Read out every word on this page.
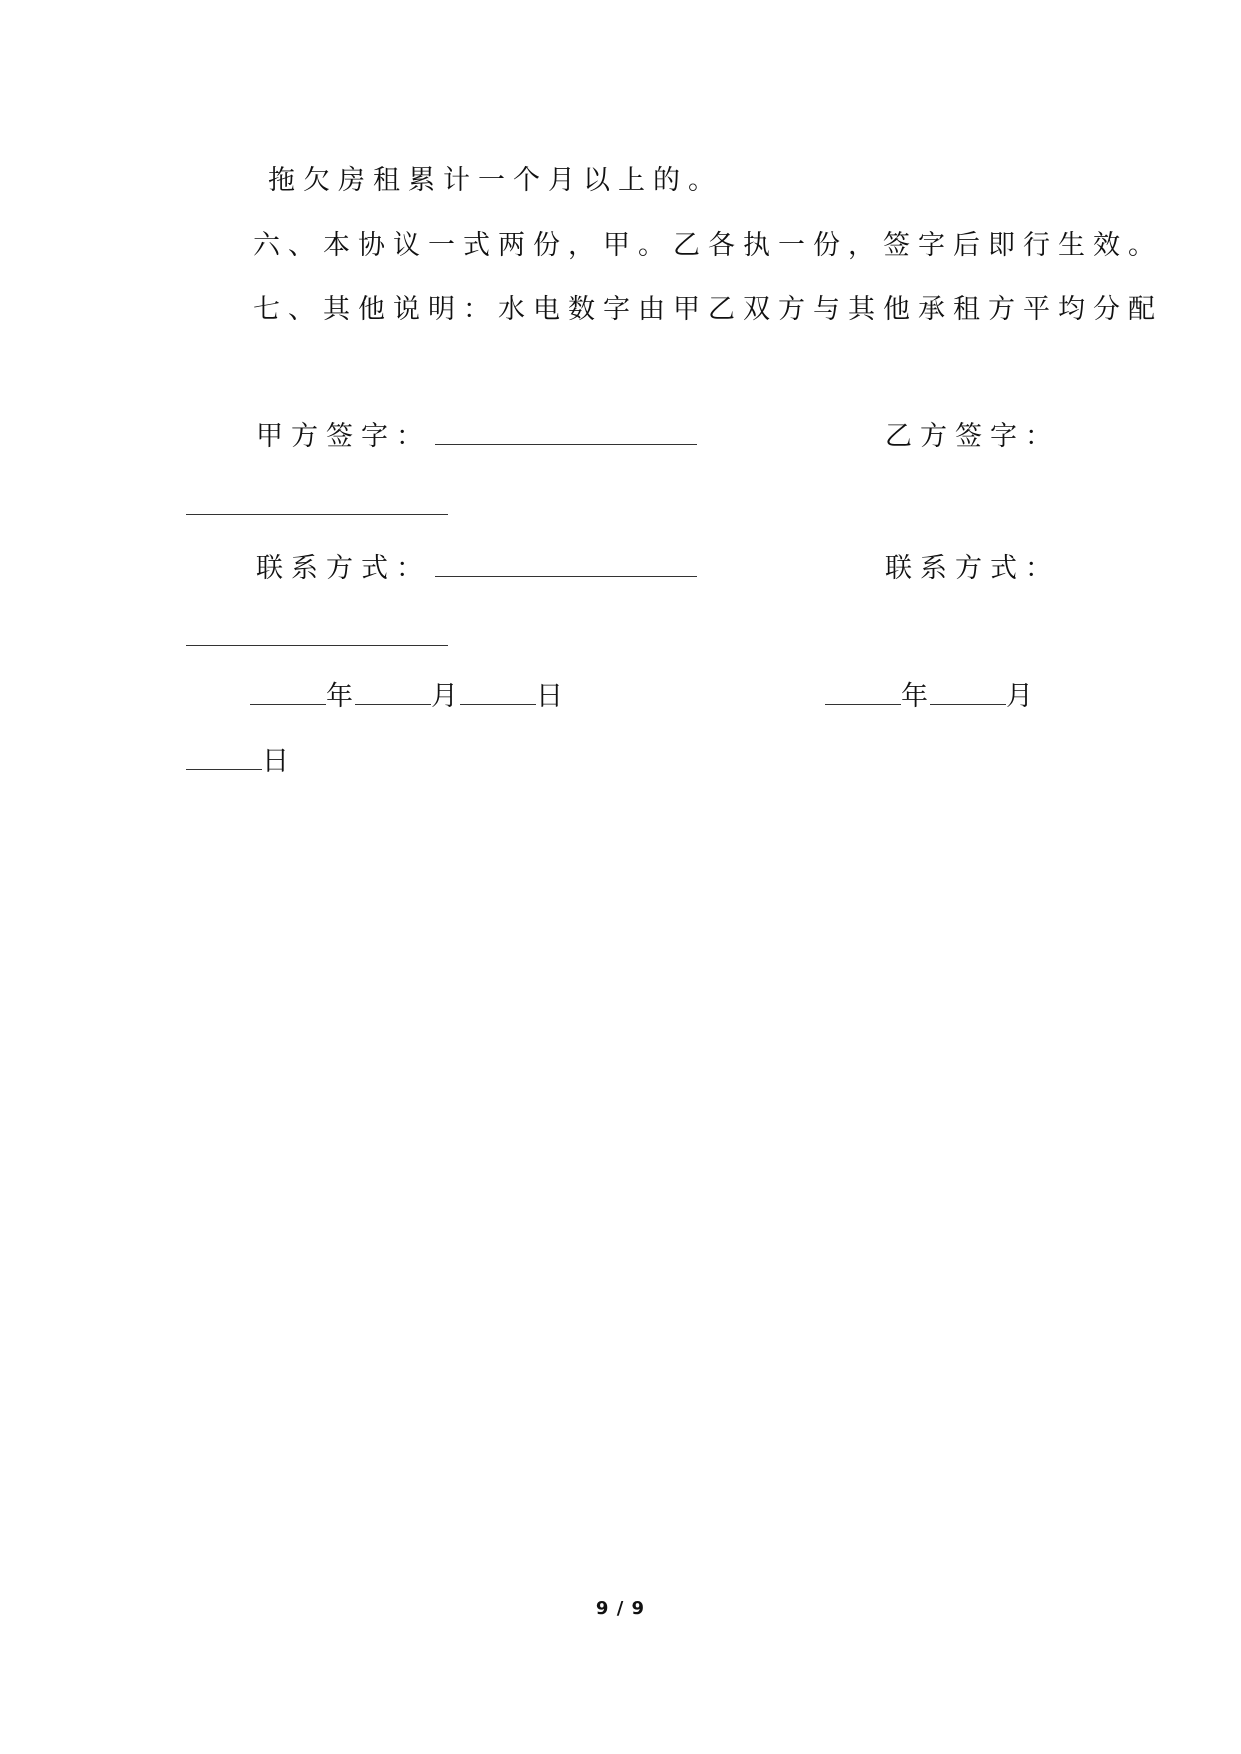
拖欠房租累计一个月以上的。
六、本协议一式两份，甲。乙各执一份，签字后即行生效。
七、其他说明：水电数字由甲乙双方与其他承租方平均分配
甲方签字：	乙方签字：
联系方式：	联系方式：
年	月	日	年	月
日
9 / 9
